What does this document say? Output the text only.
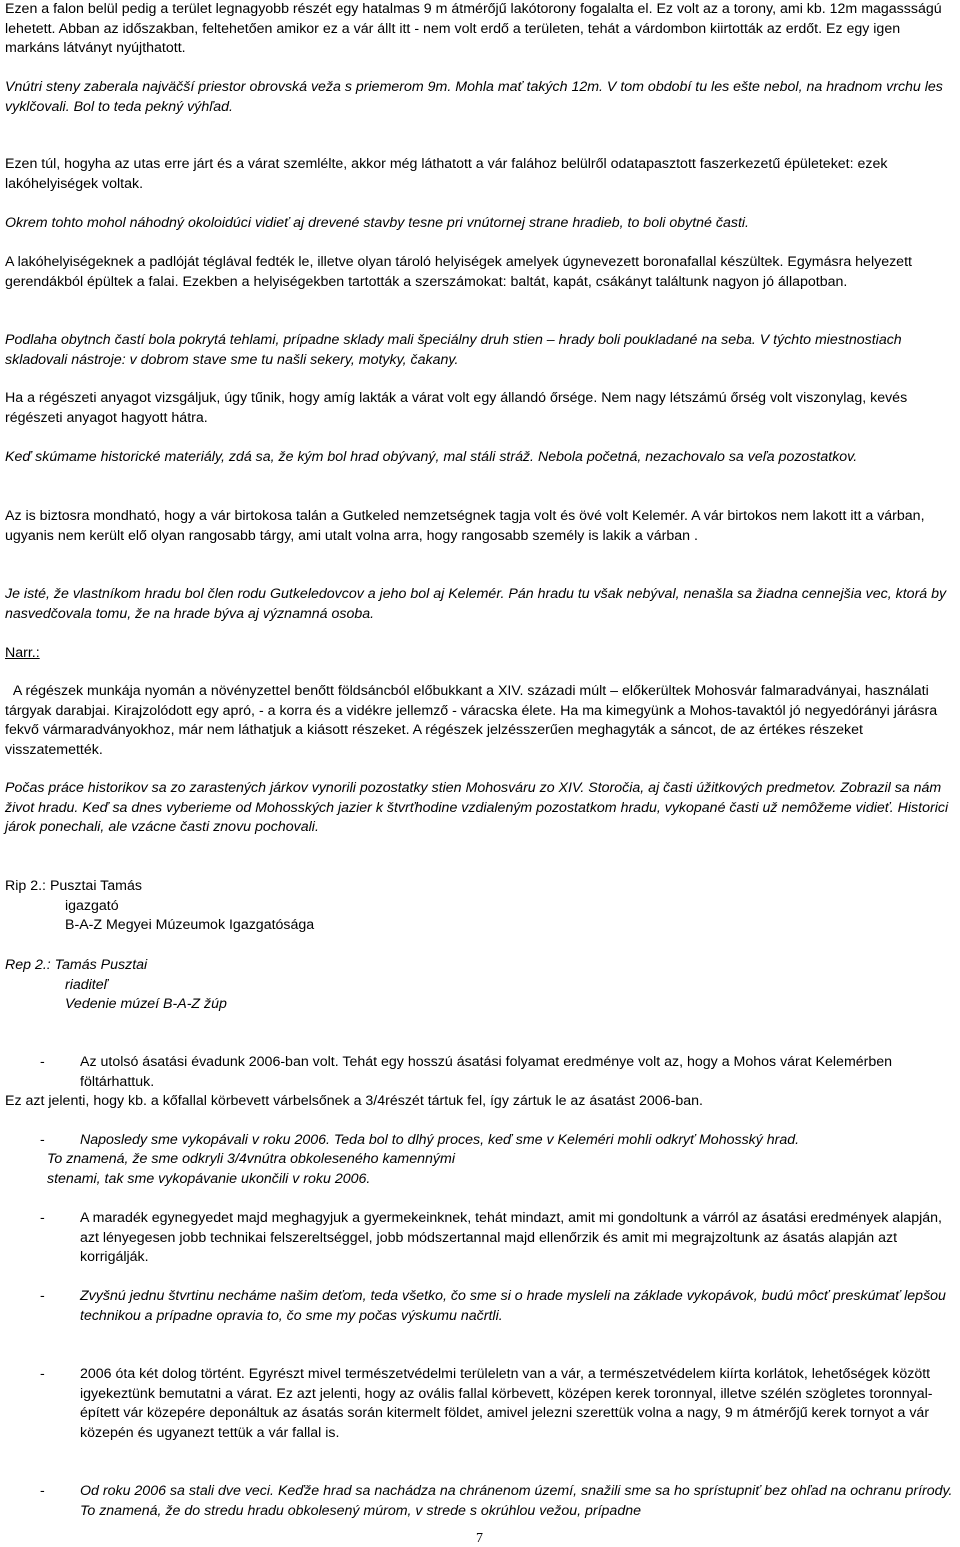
Ezen a falon belül pedig a terület legnagyobb részét egy hatalmas 9 m átmérőjű lakótorony fogalalta el. Ez volt az a torony, ami kb. 12m magassságú lehetett. Abban az időszakban, feltehetően amikor ez a vár állt itt - nem volt erdő a területen, tehát a várdombon kiirtották az erdőt. Ez egy igen markáns látványt nyújthatott.

Vnútri steny zaberala najväčší priestor obrovská veža s priemerom 9m. Mohla mať takých 12m. V tom období tu les ešte nebol, na hradnom vrchu les vyklčovali. Bol to teda pekný výhľad.

Ezen túl, hogyha az utas erre járt és a várat szemlélte, akkor még láthatott a vár falához belülről odatapasztott faszerkezetű épületeket: ezek lakóhelyiségek voltak.

Okrem tohto mohol náhodný okoloidúci vidieť aj drevené stavby tesne pri vnútornej strane hradieb, to boli obytné časti.

A lakóhelyiségeknek a padlóját téglával fedték le, illetve olyan tároló helyiségek amelyek úgynevezett boronafallal készültek. Egymásra helyezett gerendákból épültek a falai. Ezekben a helyiségekben tartották a szerszámokat: baltát, kapát, csákányt találtunk nagyon jó állapotban.

Podlaha obytnch častí bola pokrytá tehlami, prípadne sklady mali špeciálny druh stien – hrady boli poukladané na seba. V týchto miestnostiach skladovali nástroje: v dobrom stave sme tu našli sekery, motyky, čakany.

Ha a régészeti anyagot vizsgáljuk, úgy tűnik, hogy amíg lakták a várat volt egy állandó őrsége. Nem nagy létszámú őrség volt viszonylag, kevés régészeti anyagot hagyott hátra.

Keď skúmame historické materiály, zdá sa, že kým bol hrad obývaný, mal stáli stráž. Nebola početná, nezachovalo sa veľa pozostatkov.

Az is biztosra mondható, hogy a vár birtokosa talán a Gutkeled nemzetségnek tagja volt és övé volt Kelemér. A vár birtokos nem lakott itt a várban, ugyanis nem került elő olyan rangosabb tárgy, ami utalt volna arra, hogy rangosabb személy is lakik a várban .

Je isté, že vlastníkom hradu bol člen rodu Gutkeledovcov a jeho bol aj Kelemér. Pán hradu tu však nebýval, nenašla sa žiadna cennejšia vec, ktorá by nasvedčovala tomu, že na hrade býva aj významná osoba.

Narr.:

A régészek munkája nyomán a növényzettel benőtt földsáncból előbukkant a XIV. századi múlt – előkerültek Mohosvár falmaradványai, használati tárgyak darabjai. Kirajzolódott egy apró, - a korra és a vidékre jellemző - váracska élete. Ha ma kimegyünk a Mohos-tavaktól jó negyedórányi járásra fekvő vármaradványokhoz, már nem láthatjuk a kiásott részeket. A régészek jelzésszerűen meghagyták a sáncot, de az értékes részeket visszatemették.

Počas práce historikov sa zo zarastených járkov vynorili pozostatky stien Mohosváru zo XIV. Storočia, aj časti úžitkových predmetov. Zobrazil sa nám život hradu. Keď sa dnes vyberieme od Mohosských jazier k štvrťhodine vzdialeným pozostatkom hradu, vykopané časti už nemôžeme vidieť. Historici járok ponechali, ale vzácne časti znovu pochovali.

Rip 2.: Pusztai Tamás
igazgató
B-A-Z Megyei Múzeumok Igazgatósága
Rep 2.: Tamás Pusztai
riaditeľ
Vedenie múzeí B-A-Z žúp
- Az utolsó ásatási évadunk 2006-ban volt. Tehát egy hosszú ásatási folyamat eredménye volt az, hogy a Mohos várat Kelemérben föltárhattuk.

Ez azt jelenti, hogy kb. a kőfallal körbevett várbelsőnek a 3/4részét tártuk fel, így zártuk le az ásatást 2006-ban.

- Naposledy sme vykopávali v roku 2006. Teda bol to dlhý proces, keď sme v Keleméri mohli odkryť Mohosský hrad.

To znamená, že sme odkryli 3/4vnútra obkoleseného kamennými

stenami, tak sme vykopávanie ukončili v roku 2006.

- A maradék egynegyedet majd meghagyjuk a gyermekeinknek, tehát mindazt, amit mi gondoltunk a várról az ásatási eredmények alapján, azt lényegesen jobb technikai felszereltséggel, jobb módszertannal majd ellenőrzik és amit mi megrajzoltunk az ásatás alapján azt korrigálják.

- Zvyšnú jednu štvrtinu necháme našim deťom, teda všetko, čo sme si o hrade mysleli na základe vykopávok, budú môcť preskúmať lepšou technikou a prípadne opravia to, čo sme my počas výskumu načrtli.

- 2006 óta két dolog történt. Egyrészt mivel természetvédelmi terüleletn van a vár, a természetvédelem kiírta korlátok, lehetőségek között igyekeztünk bemutatni a várat. Ez azt jelenti, hogy az ovális fallal körbevett, középen kerek toronnyal, illetve szélén szögletes toronnyal- épített vár közepére deponáltuk az ásatás során kitermelt földet, amivel jelezni szerettük volna a nagy, 9 m átmérőjű kerek tornyot a vár közepén és ugyanezt tettük a vár fallal is.

- Od roku 2006 sa stali dve veci. Keďže hrad sa nachádza na chránenom území, snažili sme sa ho sprístupniť bez ohľad na ochranu prírody. To znamená, že do stredu hradu obkolesený múrom, v strede s okrúhlou vežou, prípadne

7
